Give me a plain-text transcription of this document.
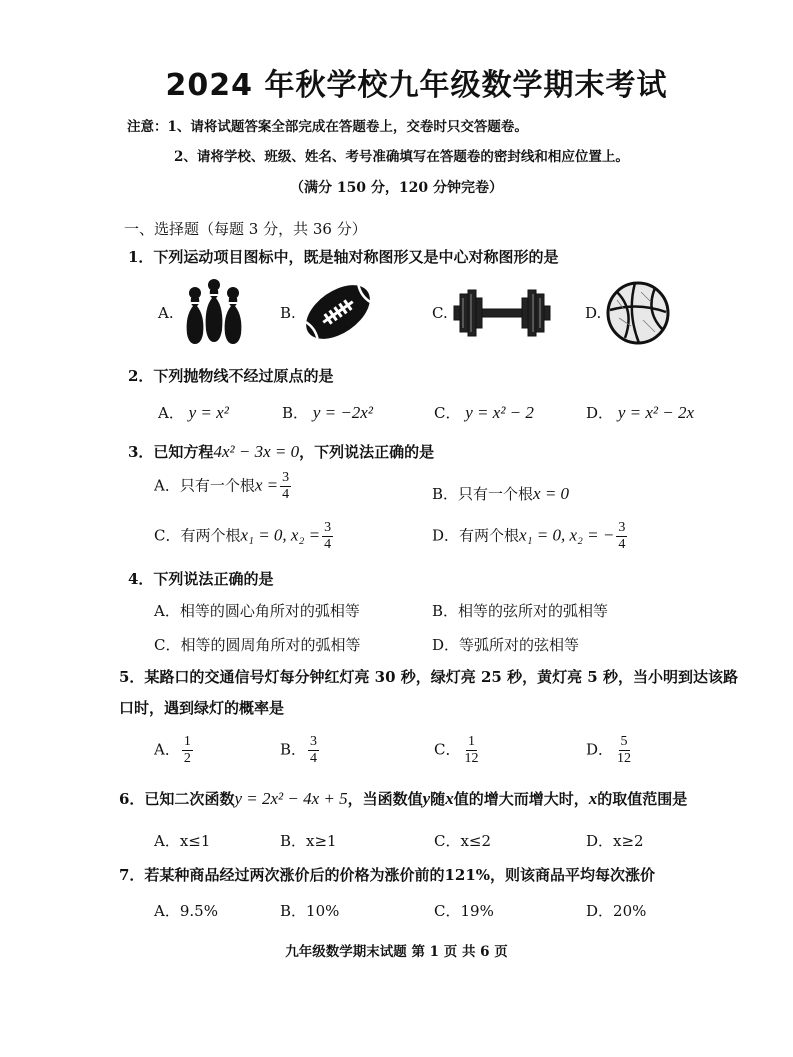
2024 年秋学校九年级数学期末考试
注意：1、请将试题答案全部完成在答题卷上，交卷时只交答题卷。
2、请将学校、班级、姓名、考号准确填写在答题卷的密封线和相应位置上。
（满分 150 分，120 分钟完卷）
一、选择题（每题 3 分，共 36 分）
1．下列运动项目图标中，既是轴对称图形又是中心对称图形的是
A.	B.	C.	D.
2．下列抛物线不经过原点的是
A． y = x²	B． y = −2x²	C． y = x² − 2	D． y = x² − 2x
3．已知方程4x² − 3x = 0，下列说法正确的是
A．只有一个根$x = \frac{3}{4}$	B．只有一个根x = 0
C．有两个根x₁ = 0, $x_2 = \frac{3}{4}$	D．有两个根x₁ = 0, x₂ = − $\frac{3}{4}$
4．下列说法正确的是
A．相等的圆心角所对的弧相等	B．相等的弦所对的弧相等
C．相等的圆周角所对的弧相等	D．等弧所对的弦相等
5．某路口的交通信号灯每分钟红灯亮 30 秒，绿灯亮 25 秒，黄灯亮 5 秒，当小明到达该路
口时，遇到绿灯的概率是
A． $\frac{1}{2}$	B． $\frac{3}{4}$	C． $\frac{1}{12}$	D． $\frac{5}{12}$
6．已知二次函数y = 2x² − 4x + 5，当函数值y随x值的增大而增大时，x的取值范围是
A．x≤1	B．x≥1	C．x≤2	D．x≥2
7．若某种商品经过两次涨价后的价格为涨价前的121%，则该商品平均每次涨价
A．9.5%	B．10%	C．19%	D．20%
九年级数学期末试题 第 1 页 共 6 页
